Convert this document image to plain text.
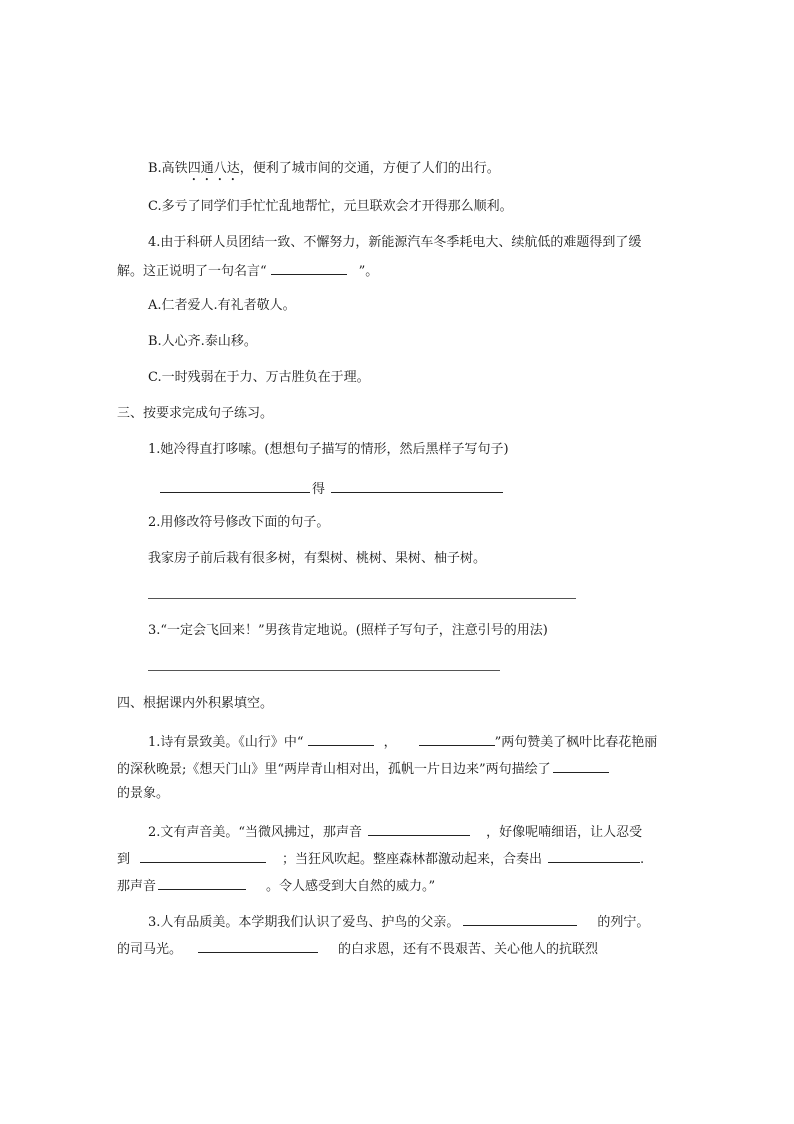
B.高铁四通八达，便利了城市间的交通，方便了人们的出行。
C.多亏了同学们手忙忙乱地帮忙，元旦联欢会才开得那么顺利。
4.由于科研人员团结一致、不懈努力，新能源汽车冬季耗电大、续航低的难题得到了缓
解。这正说明了一句名言“	”。
A.仁者爱人.有礼者敬人。
B.人心齐.泰山移。
C.一时残弱在于力、万古胜负在于理。
三、按要求完成句子练习。
1.她冷得直打哆嗦。(想想句子描写的情形，然后黑样子写句子)
得
2.用修改符号修改下面的句子。
我家房子前后栽有很多树，有梨树、桃树、果树、柚子树。
3.“一定会飞回来！”男孩肯定地说。(照样子写句子，注意引号的用法)
四、根据课内外积累填空。
1.诗有景致美。《山行》中“	，	”两句赞美了枫叶比春花艳丽
的深秋晚景;《想天门山》里“两岸青山相对出，孤帆一片日边来”两句描绘了
的景象。
2.文有声音美。“当微风拂过，那声音	，好像呢喃细语，让人忍受
到	；当狂风吹起。整座森林都激动起来，合奏出	.
那声音	。令人感受到大自然的威力。”
3.人有品质美。本学期我们认识了爱鸟、护鸟的父亲。	的列宁。
的司马光。	的白求恩，还有不畏艰苦、关心他人的抗联烈
